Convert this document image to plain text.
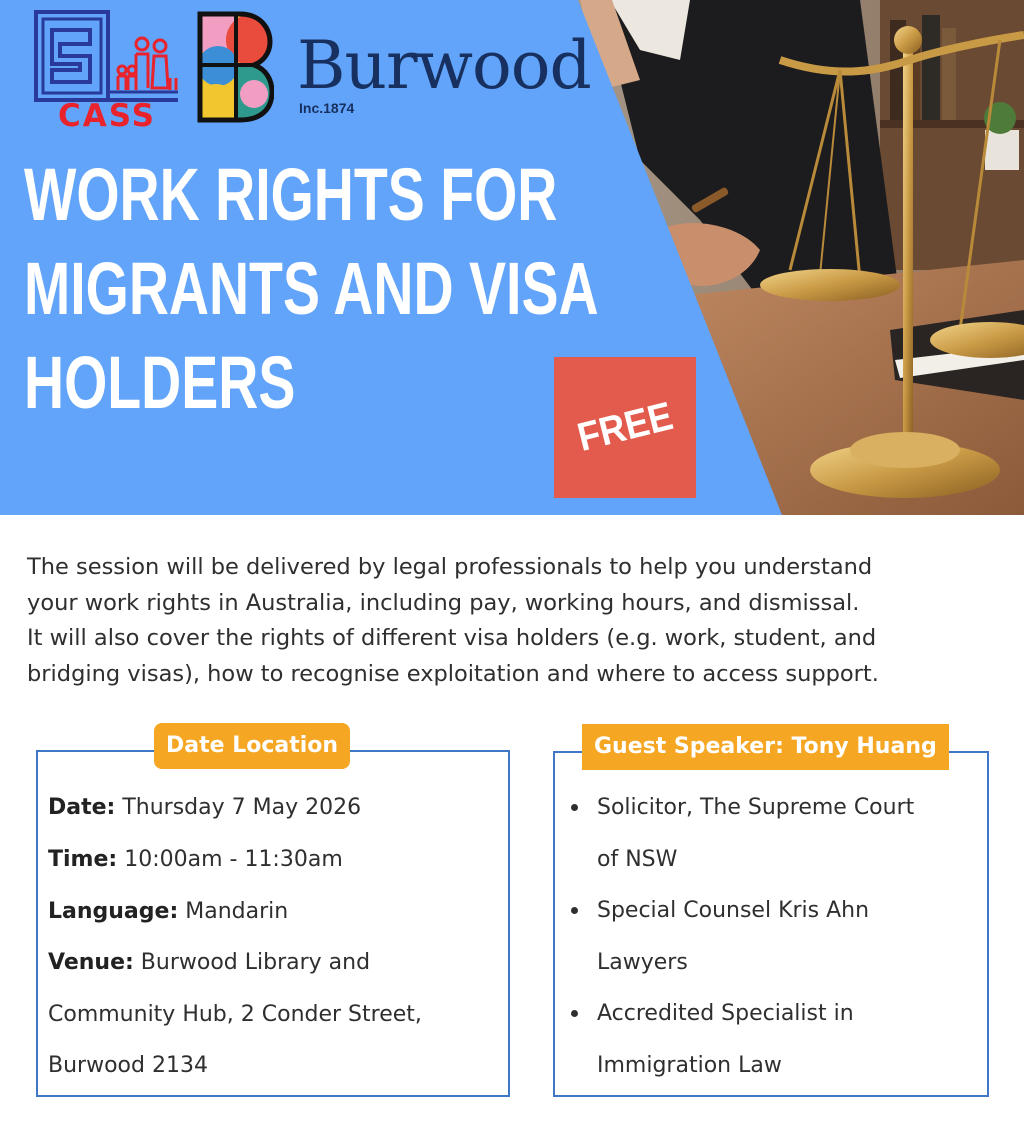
CASS
Burwood
Inc.1874
WORK RIGHTS FOR
MIGRANTS AND VISA
HOLDERS
FREE

The session will be delivered by legal professionals to help you understand
your work rights in Australia, including pay, working hours, and dismissal.
It will also cover the rights of different visa holders (e.g. work, student, and
bridging visas), how to recognise exploitation and where to access support.

Date Location
Date: Thursday 7 May 2026
Time: 10:00am - 11:30am
Language: Mandarin
Venue: Burwood Library and
Community Hub, 2 Conder Street,
Burwood 2134
Guest Speaker: Tony Huang
Solicitor, The Supreme Court
of NSW
Special Counsel Kris Ahn
Lawyers
Accredited Specialist in
Immigration Law
